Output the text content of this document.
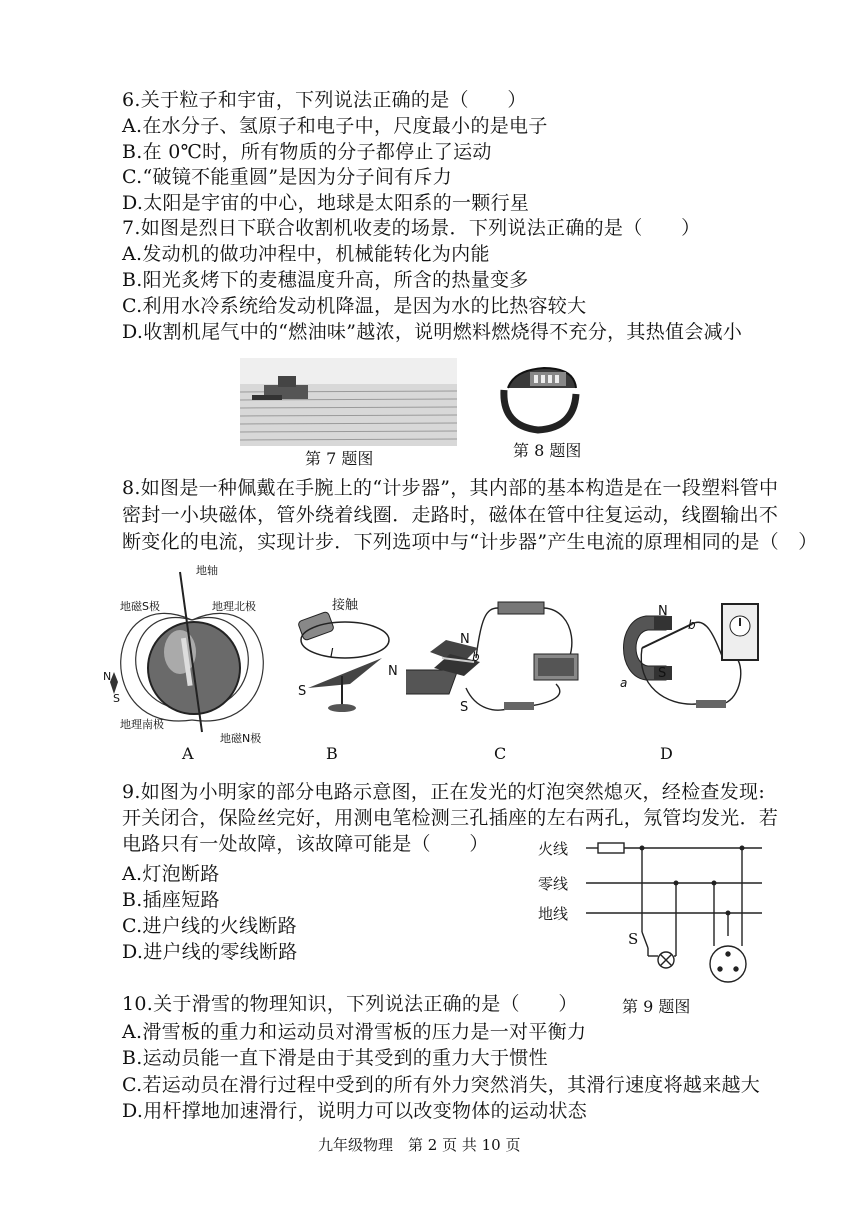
6.关于粒子和宇宙，下列说法正确的是（　　）
A.在水分子、氢原子和电子中，尺度最小的是电子
B.在 0℃时，所有物质的分子都停止了运动
C.“破镜不能重圆”是因为分子间有斥力
D.太阳是宇宙的中心，地球是太阳系的一颗行星
7.如图是烈日下联合收割机收麦的场景．下列说法正确的是（　　）
A.发动机的做功冲程中，机械能转化为内能
B.阳光炙烤下的麦穗温度升高，所含的热量变多
C.利用水冷系统给发动机降温，是因为水的比热容较大
D.收割机尾气中的“燃油味”越浓，说明燃料燃烧得不充分，其热值会减小
第 7 题图	第 8 题图
8.如图是一种佩戴在手腕上的“计步器”，其内部的基本构造是在一段塑料管中
密封一小块磁体，管外绕着线圈．走路时，磁体在管中往复运动，线圈输出不
断变化的电流，实现计步．下列选项中与“计步器”产生电流的原理相同的是（　）
地轴
地磁S极	地理北极
地理南极
地磁N极
N
S
A
接触
I
N
S
B
N
S
b
C
N
S
a
b
D
9.如图为小明家的部分电路示意图，正在发光的灯泡突然熄灭，经检查发现:
开关闭合，保险丝完好，用测电笔检测三孔插座的左右两孔，氖管均发光．若
电路只有一处故障，该故障可能是（　　）
A.灯泡断路
B.插座短路
C.进户线的火线断路
D.进户线的零线断路
火线
零线
地线
S
第 9 题图
10.关于滑雪的物理知识，下列说法正确的是（　　）
A.滑雪板的重力和运动员对滑雪板的压力是一对平衡力
B.运动员能一直下滑是由于其受到的重力大于惯性
C.若运动员在滑行过程中受到的所有外力突然消失，其滑行速度将越来越大
D.用杆撑地加速滑行，说明力可以改变物体的运动状态
九年级物理　第 2 页 共 10 页
